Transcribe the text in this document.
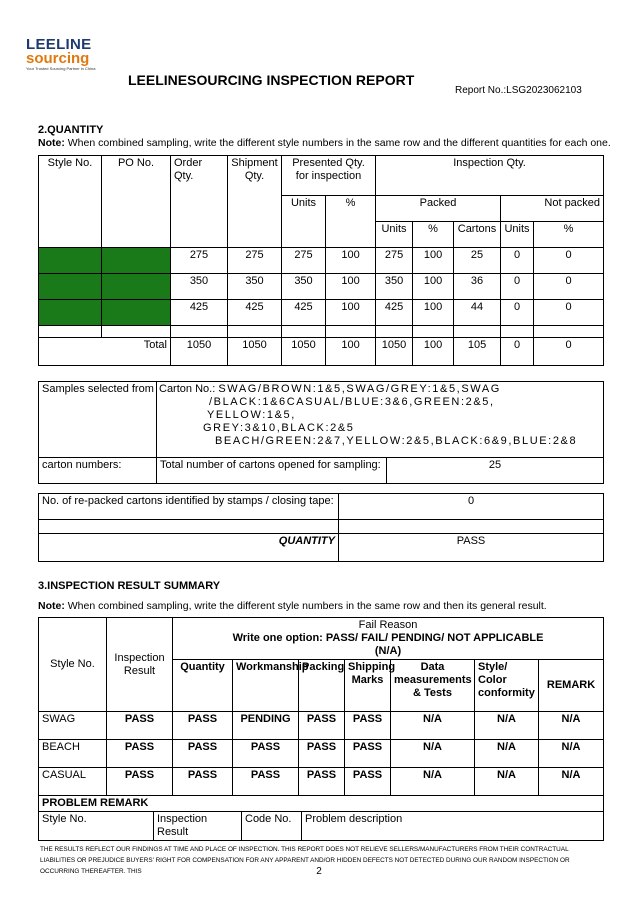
LEELINE
sourcing
Your Trusted Sourcing Partner in China
LEELINESOURCING INSPECTION REPORT
Report No.:LSG2023062103
2.QUANTITY
Note: When combined sampling, write the different style numbers in the same row and the different quantities for each one.
Style No.	PO No.	Order Qty.	Shipment Qty.	Presented Qty. for inspection		Inspection Qty.				
				Units	%	Packed			Not packed	
						Units	%	Cartons	Units	%
		275	275	275	100	275	100	25	0	0
		350	350	350	100	350	100	36	0	0
		425	425	425	100	425	100	44	0	0

Total		1050	1050	1050	100	1050	100	105	0	0
Samples selected from	Carton No.: SWAG/BROWN:1&5,SWAG/GREY:1&5,SWAG
/BLACK:1&6CASUAL/BLUE:3&6,GREEN:2&5,
YELLOW:1&5,
GREY:3&10,BLACK:2&5
BEACH/GREEN:2&7,YELLOW:2&5,BLACK:6&9,BLUE:2&8	

carton numbers:	Total number of cartons opened for sampling:	25
No. of re-packed cartons identified by stamps / closing tape:	0

QUANTITY	PASS
3.INSPECTION RESULT SUMMARY
Note: When combined sampling, write the different style numbers in the same row and then its general result.
Style No.	Inspection Result	Fail Reason
Write one option: PASS/ FAIL/ PENDING/ NOT APPLICABLE (N/A)						

		Quantity	Workmanship	Packing	Shipping Marks	Data measurements & Tests	Style/ Color conformity	REMARK
SWAG	PASS	PASS	PENDING	PASS	PASS	N/A	N/A	N/A
BEACH	PASS	PASS	PASS	PASS	PASS	N/A	N/A	N/A
CASUAL	PASS	PASS	PASS	PASS	PASS	N/A	N/A	N/A
PROBLEM REMARK
Style No.	Inspection Result	Code No.	Problem description
THE RESULTS REFLECT OUR FINDINGS AT TIME AND PLACE OF INSPECTION. THIS REPORT DOES NOT RELIEVE SELLERS/MANUFACTURERS FROM THEIR CONTRACTUAL LIABILITIES OR PREJUDICE BUYERS' RIGHT FOR COMPENSATION FOR ANY APPARENT AND/OR HIDDEN DEFECTS NOT DETECTED DURING OUR RANDOM INSPECTION OR OCCURRING THEREAFTER. THIS	2
